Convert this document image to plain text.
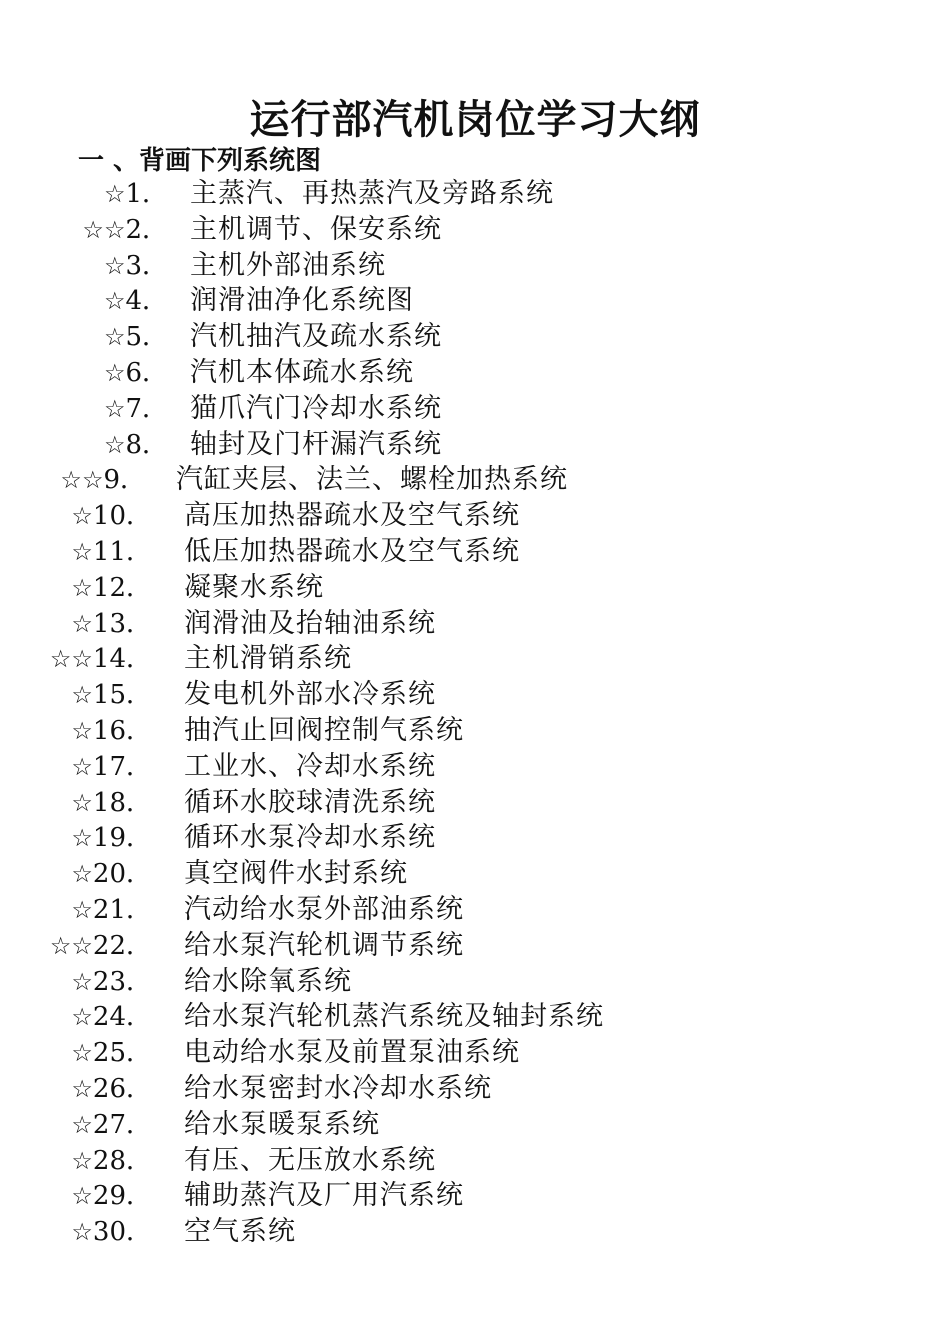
运行部汽机岗位学习大纲
一 、背画下列系统图
☆1． 主蒸汽、再热蒸汽及旁路系统
☆☆2． 主机调节、保安系统
☆3． 主机外部油系统
☆4． 润滑油净化系统图
☆5． 汽机抽汽及疏水系统
☆6． 汽机本体疏水系统
☆7． 猫爪汽门冷却水系统
☆8． 轴封及门杆漏汽系统
☆☆9． 汽缸夹层、法兰、螺栓加热系统
☆10． 高压加热器疏水及空气系统
☆11． 低压加热器疏水及空气系统
☆12． 凝聚水系统
☆13． 润滑油及抬轴油系统
☆☆14． 主机滑销系统
☆15． 发电机外部水冷系统
☆16． 抽汽止回阀控制气系统
☆17． 工业水、冷却水系统
☆18． 循环水胶球清洗系统
☆19． 循环水泵冷却水系统
☆20． 真空阀件水封系统
☆21． 汽动给水泵外部油系统
☆☆22． 给水泵汽轮机调节系统
☆23． 给水除氧系统
☆24． 给水泵汽轮机蒸汽系统及轴封系统
☆25． 电动给水泵及前置泵油系统
☆26． 给水泵密封水冷却水系统
☆27． 给水泵暖泵系统
☆28． 有压、无压放水系统
☆29． 辅助蒸汽及厂用汽系统
☆30． 空气系统
